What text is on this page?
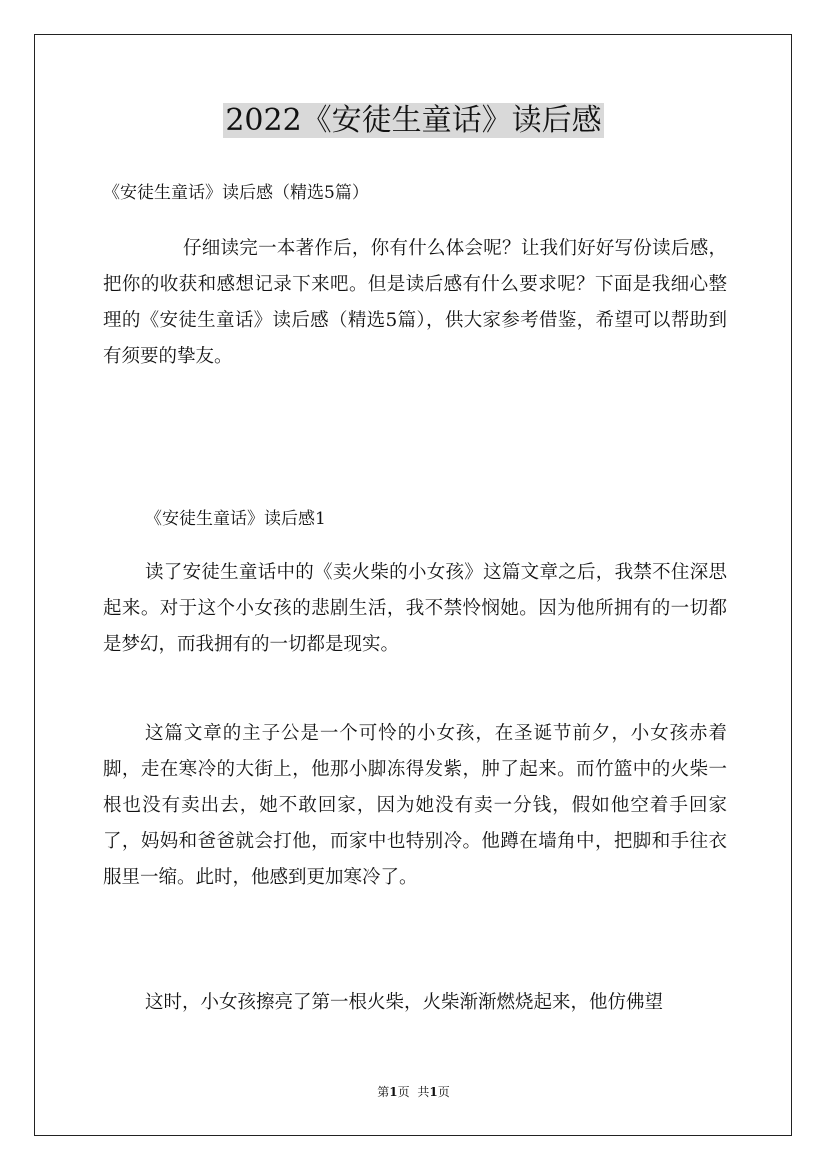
2022《安徒生童话》读后感
《安徒生童话》读后感（精选5篇）
仔细读完一本著作后，你有什么体会呢？让我们好好写份读后感，把你的收获和感想记录下来吧。但是读后感有什么要求呢？下面是我细心整理的《安徒生童话》读后感（精选5篇），供大家参考借鉴，希望可以帮助到有须要的挚友。
《安徒生童话》读后感1
读了安徒生童话中的《卖火柴的小女孩》这篇文章之后，我禁不住深思起来。对于这个小女孩的悲剧生活，我不禁怜悯她。因为他所拥有的一切都是梦幻，而我拥有的一切都是现实。
这篇文章的主子公是一个可怜的小女孩，在圣诞节前夕，小女孩赤着脚，走在寒冷的大街上，他那小脚冻得发紫，肿了起来。而竹篮中的火柴一根也没有卖出去，她不敢回家，因为她没有卖一分钱，假如他空着手回家了，妈妈和爸爸就会打他，而家中也特别冷。他蹲在墙角中，把脚和手往衣服里一缩。此时，他感到更加寒冷了。
这时，小女孩擦亮了第一根火柴，火柴渐渐燃烧起来，他仿佛望
第1页 共1页
